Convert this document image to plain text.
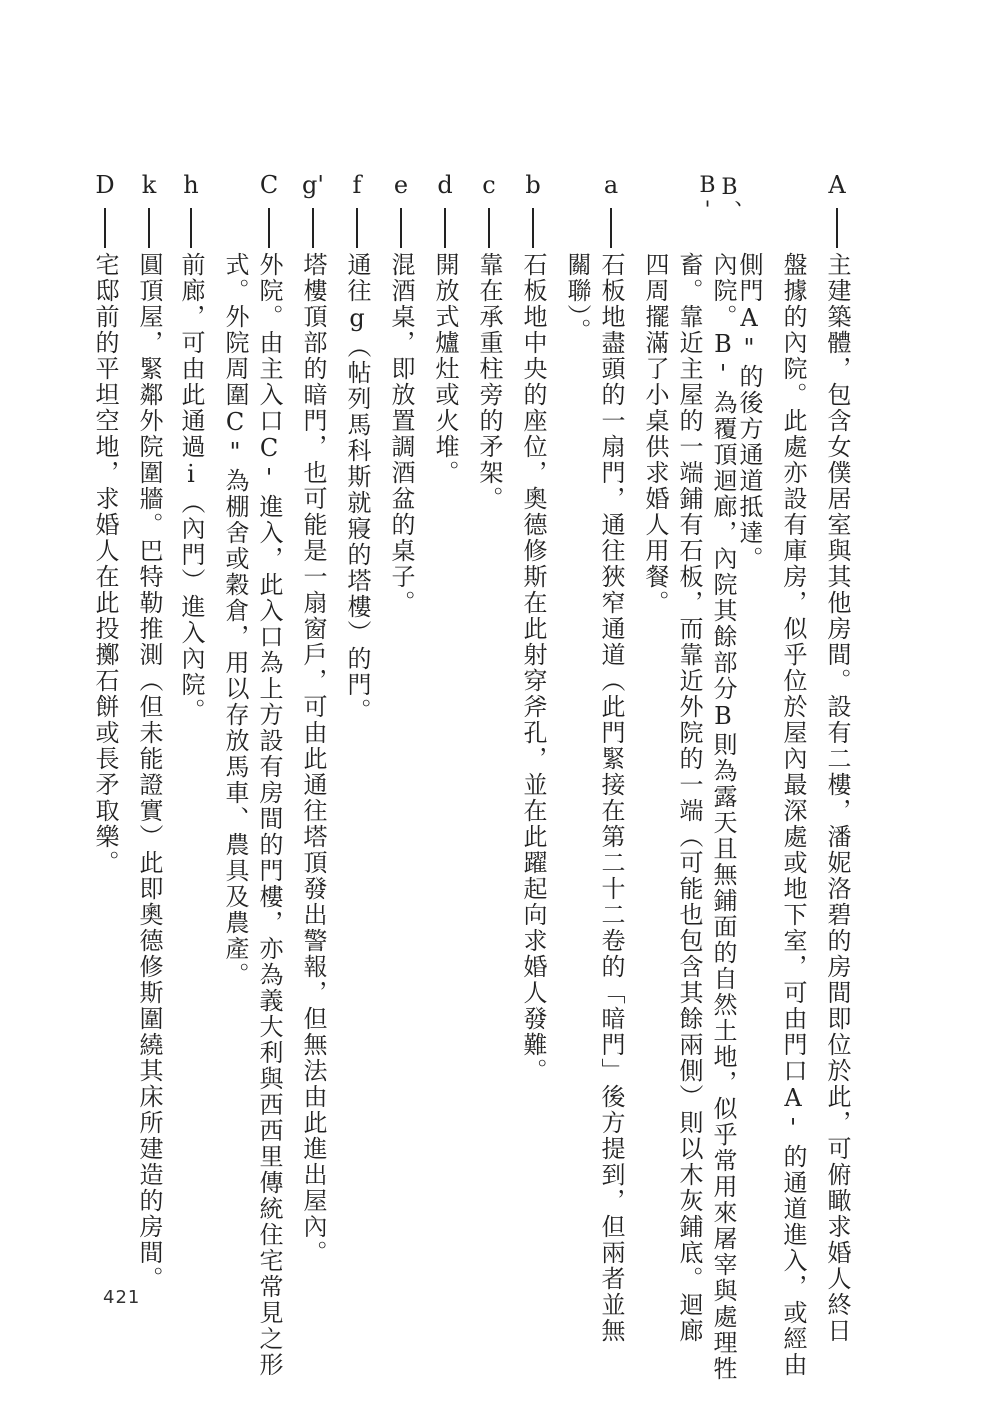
A
主建築體，包含女僕居室與其他房間。設有二樓，潘妮洛碧的房間即位於此，可俯瞰求婚人終日
盤據的內院。此處亦設有庫房，似乎位於屋內最深處或地下室，可由門口A'的通道進入，或經由
側門A"的後方通道抵達。
B、B'
內院。B'為覆頂迴廊，內院其餘部分B則為露天且無鋪面的自然土地，似乎常用來屠宰與處理牲
畜。靠近主屋的一端鋪有石板，而靠近外院的一端（可能也包含其餘兩側）則以木灰鋪底。迴廊
四周擺滿了小桌供求婚人用餐。
a
石板地盡頭的一扇門，通往狹窄通道（此門緊接在第二十二卷的「暗門」後方提到，但兩者並無
關聯）。
b
石板地中央的座位，奧德修斯在此射穿斧孔，並在此躍起向求婚人發難。
c
靠在承重柱旁的矛架。
d
開放式爐灶或火堆。
e
混酒桌，即放置調酒盆的桌子。
f
通往g（帖列馬科斯就寢的塔樓）的門。
g'
塔樓頂部的暗門，也可能是一扇窗戶，可由此通往塔頂發出警報，但無法由此進出屋內。
C
外院。由主入口C'進入，此入口為上方設有房間的門樓，亦為義大利與西西里傳統住宅常見之形
式。外院周圍C"為棚舍或穀倉，用以存放馬車、農具及農產。
h
前廊，可由此通過i（內門）進入內院。
k
圓頂屋，緊鄰外院圍牆。巴特勒推測（但未能證實）此即奧德修斯圍繞其床所建造的房間。
D
宅邸前的平坦空地，求婚人在此投擲石餅或長矛取樂。
421
